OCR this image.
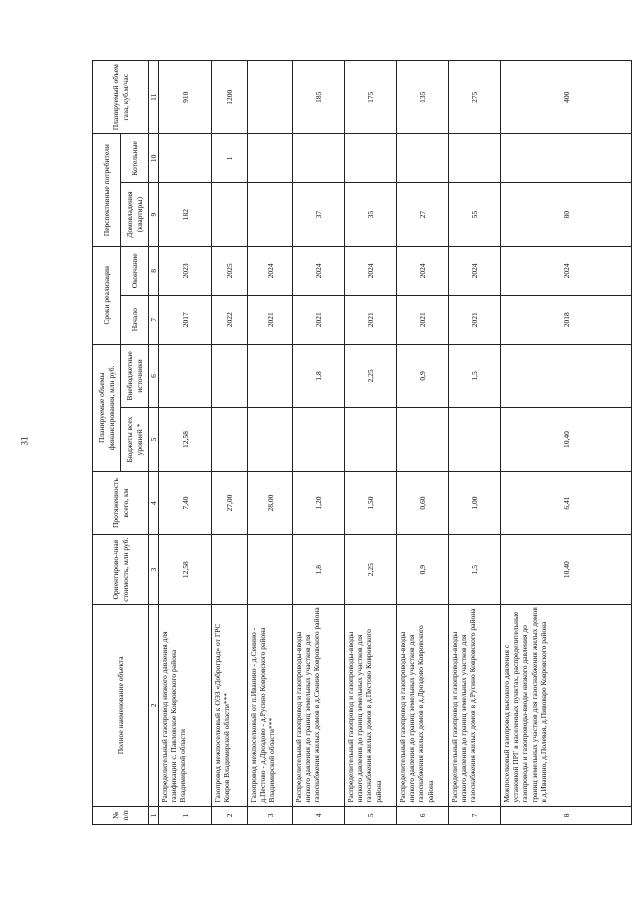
31
№ п/п	Полное наименование объекта	Ориентирово-чная стоимость, млн руб.	Протяженность всего, км	Планируемые объемы финансирования, млн руб.		Сроки реализации		Перспективные потребители		Планируемый объем газа, куб.м/час
				Бюджеты всех уровней *	Внебюджетные источники	Начало	Окончание	Домовладения (квартиры)	Котельные	
1	2	3	4	5	6	7	8	9	10	11
1	Распределительный газопровод низкого давления для газификации с. Павловское Ковровского района Владимирской области	12,58	7,40	12,58		2017	2023	182		910
2	Газопровод межпоселковый к ОЭЗ «Доброград» от ГРС Ковров Владимирской области***		27,00			2022	2025		1	1200
3	Газопровод межпоселковый от п.Иванино - д.Сенино - д.Пестово - д.Дроздово - д.Русино Ковровского района Владимирской области***		28,00			2021	2024			
4	Распределительный газопровод и газопроводы-вводы низкого давления до границ земельных участков для газоснабжения жилых домов в д.Сенино Ковровского района	1,8	1,20		1,8	2021	2024	37		185
5	Распределительный газопровод и газопроводы-вводы низкого давления до границ земельных участков для газоснабжения жилых домов в д.Пестово Ковровского района	2,25	1,50		2,25	2021	2024	35		175
6	Распределительный газопровод и газопроводы-вводы низкого давления до границ земельных участков для газоснабжения жилых домов в д.Дроздово Ковровского района	0,9	0,60		0,9	2021	2024	27		135
7	Распределительный газопровод и газопроводы-вводы низкого давления до границ земельных участков для газоснабжения жилых домов в д.Русино Ковровского района	1,5	1,00		1,5	2021	2024	55		275
8	Межпоселковый газопровод высокого давления с установкой ПРГ в населенных пунктах, распределительные газопроводы и газопроводы-вводы низкого давления до границ земельных участков для газоснабжения жилых домов в д.Иванино, д.Полевая, д.Пивоваро Ковровского района	10,40	6,41	10,40		2018	2024	80		400
